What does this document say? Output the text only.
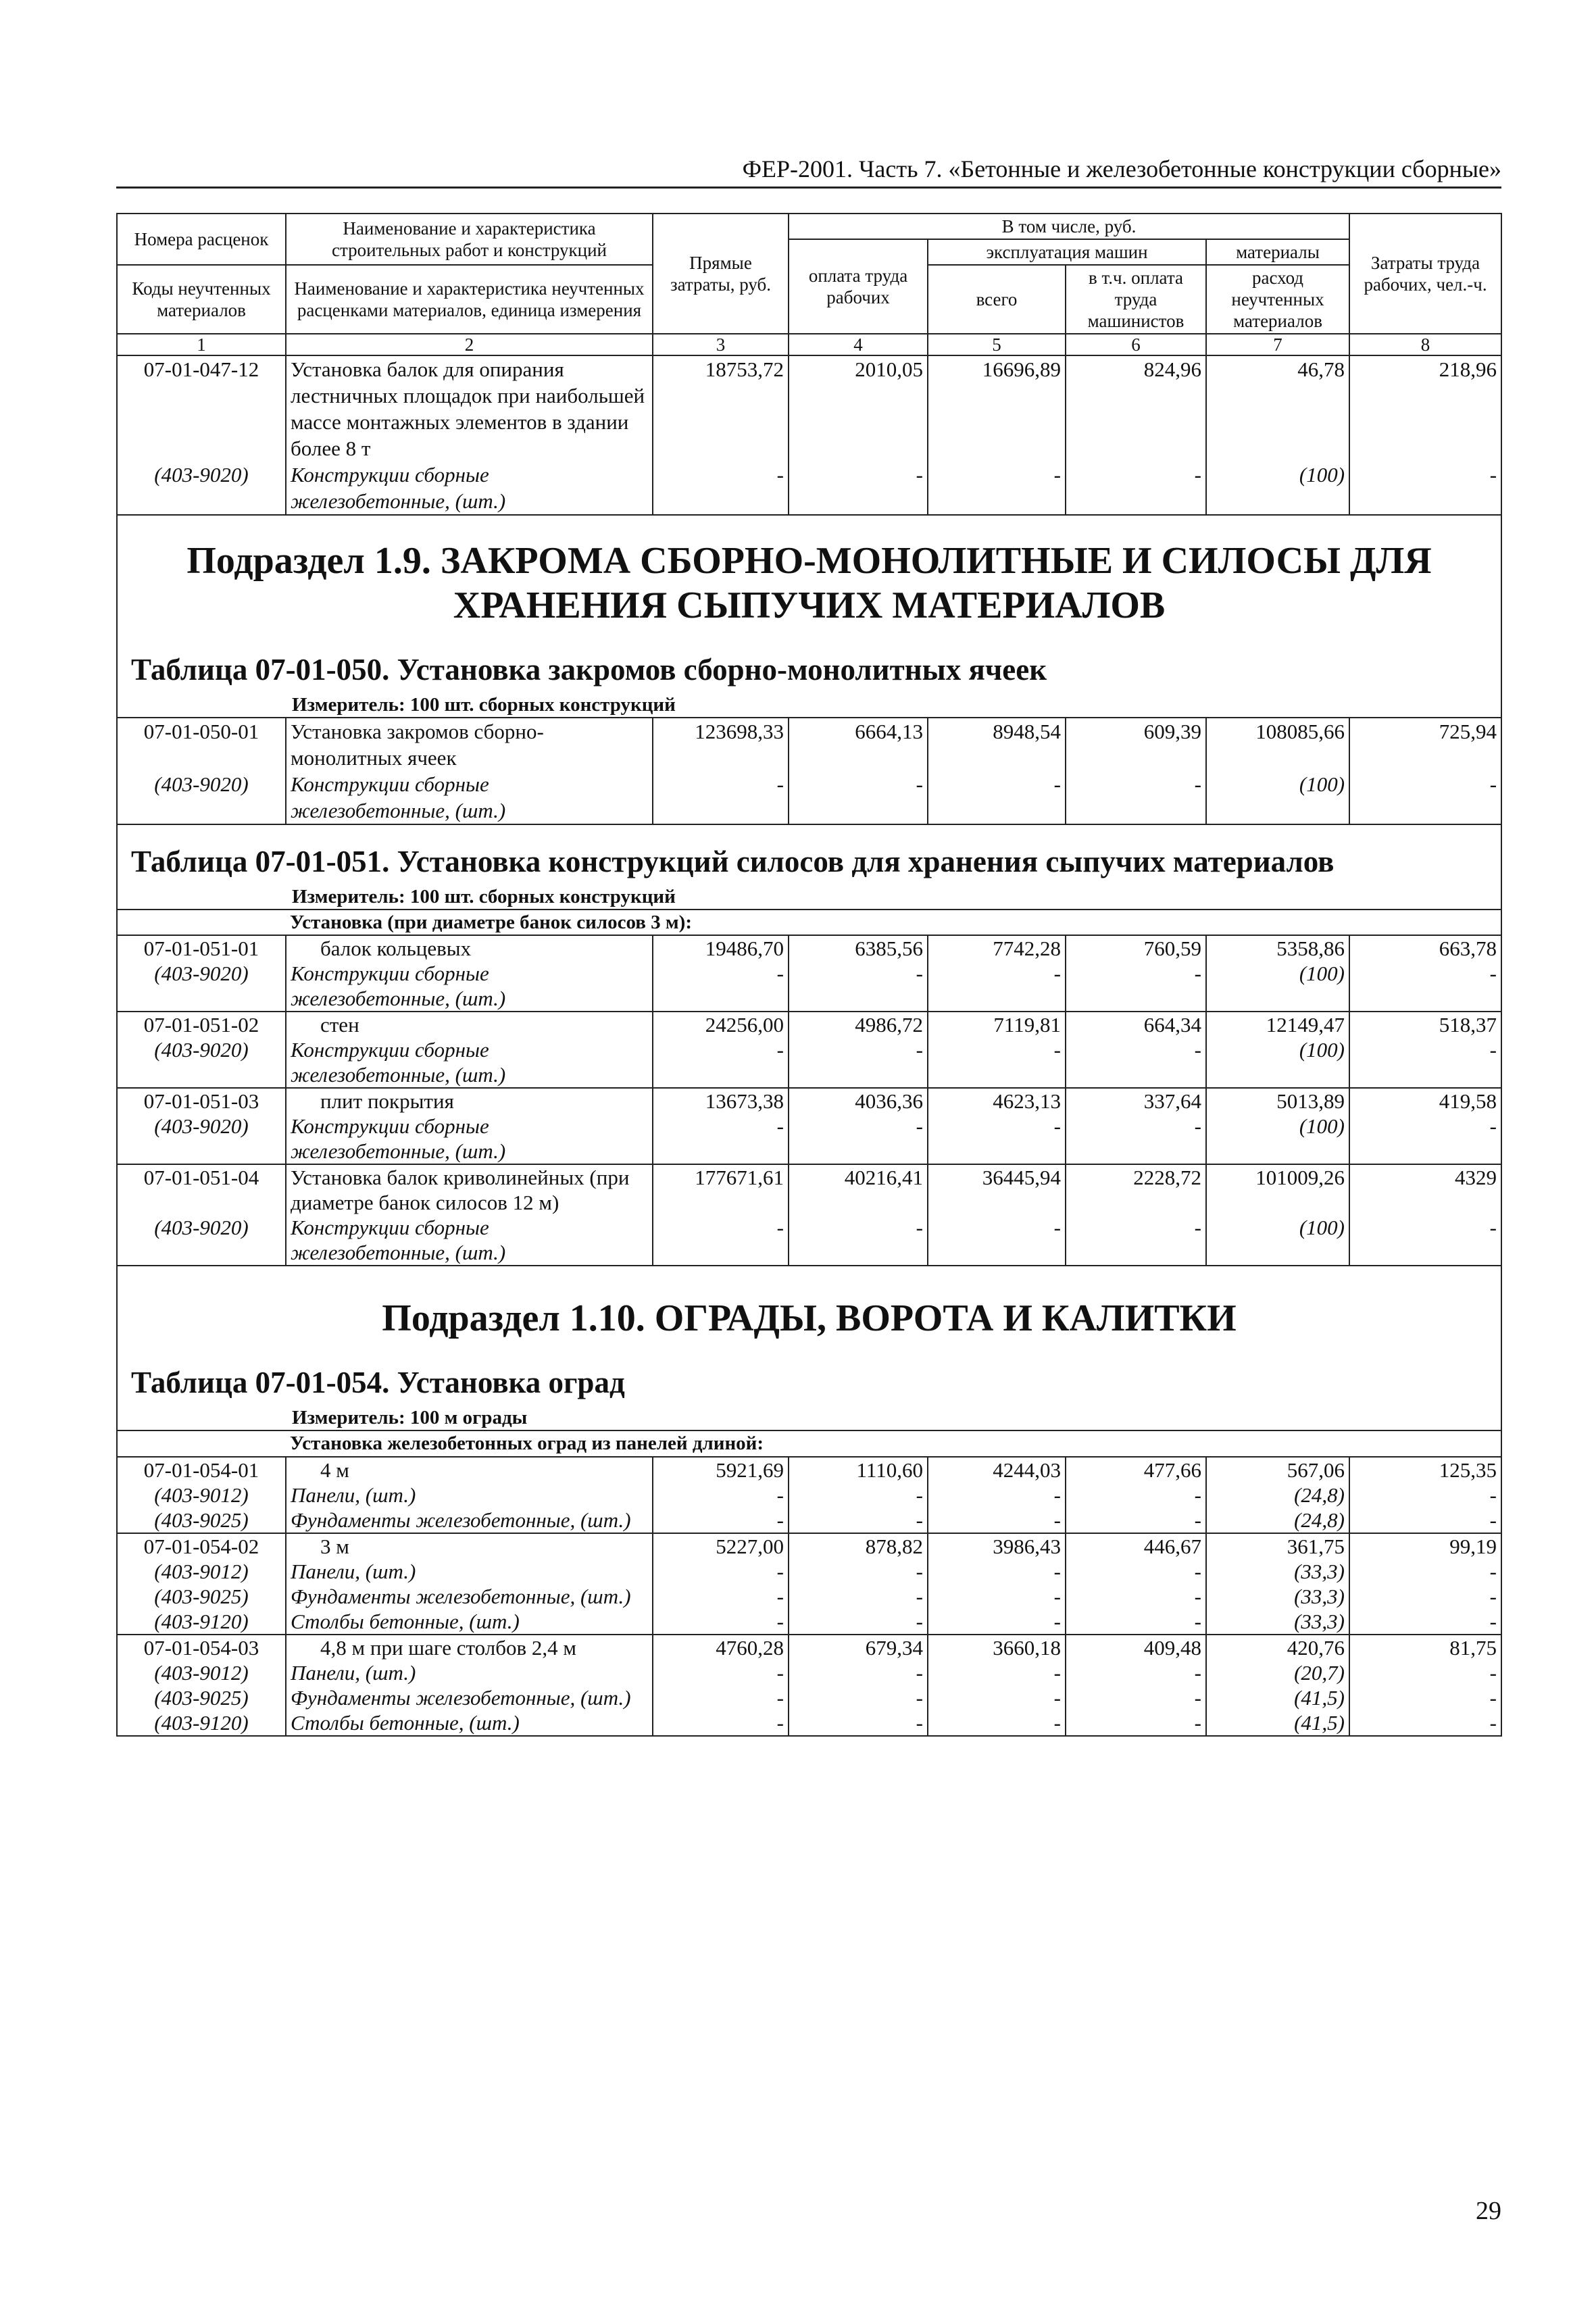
ФЕР-2001. Часть 7. «Бетонные и железобетонные конструкции сборные»
Номера расценок	Наименование и характеристика строительных работ и конструкций	Прямые затраты, руб.	В том числе, руб.				Затраты труда рабочих, чел.-ч.
			оплата труда рабочих	эксплуатация машин		материалы	
Коды неучтенных материалов	Наименование и характеристика неучтенных расценками материалов, единица измерения			всего	в т.ч. оплата труда машинистов	расход неучтенных материалов	

1	2	3	4	5	6	7	8
07-01-047-12	Установка балок для опирания лестничных площадок при наибольшей массе монтажных элементов в здании более 8 т	18753,72	2010,05	16696,89	824,96	46,78	218,96
(403-9020)	Конструкции сборные железобетонные, (шт.)	-	-	-	-	(100)	-

Подраздел 1.9. ЗАКРОМА СБОРНО-МОНОЛИТНЫЕ И СИЛОСЫ ДЛЯ ХРАНЕНИЯ СЫПУЧИХ МАТЕРИАЛОВ
Таблица 07-01-050. Установка закромов сборно-монолитных ячеек
Измеритель: 100 шт. сборных конструкций							

07-01-050-01	Установка закромов сборно-монолитных ячеек	123698,33	6664,13	8948,54	609,39	108085,66	725,94
(403-9020)	Конструкции сборные железобетонные, (шт.)	-	-	-	-	(100)	-

Таблица 07-01-051. Установка конструкций силосов для хранения сыпучих материалов
Измеритель: 100 шт. сборных конструкций							

	Установка (при диаметре банок силосов 3 м):						
07-01-051-01	балок кольцевых	19486,70	6385,56	7742,28	760,59	5358,86	663,78
(403-9020)	Конструкции сборные железобетонные, (шт.)	-	-	-	-	(100)	-
07-01-051-02	стен	24256,00	4986,72	7119,81	664,34	12149,47	518,37
(403-9020)	Конструкции сборные железобетонные, (шт.)	-	-	-	-	(100)	-
07-01-051-03	плит покрытия	13673,38	4036,36	4623,13	337,64	5013,89	419,58
(403-9020)	Конструкции сборные железобетонные, (шт.)	-	-	-	-	(100)	-
07-01-051-04	Установка балок криволинейных (при диаметре банок силосов 12 м)	177671,61	40216,41	36445,94	2228,72	101009,26	4329
(403-9020)	Конструкции сборные железобетонные, (шт.)	-	-	-	-	(100)	-

Подраздел 1.10. ОГРАДЫ, ВОРОТА И КАЛИТКИ
Таблица 07-01-054. Установка оград
Измеритель: 100 м ограды							

	Установка железобетонных оград из панелей длиной:						
07-01-054-01	4 м	5921,69	1110,60	4244,03	477,66	567,06	125,35
(403-9012)	Панели, (шт.)	-	-	-	-	(24,8)	-
(403-9025)	Фундаменты железобетонные, (шт.)	-	-	-	-	(24,8)	-
07-01-054-02	3 м	5227,00	878,82	3986,43	446,67	361,75	99,19
(403-9012)	Панели, (шт.)	-	-	-	-	(33,3)	-
(403-9025)	Фундаменты железобетонные, (шт.)	-	-	-	-	(33,3)	-
(403-9120)	Столбы бетонные, (шт.)	-	-	-	-	(33,3)	-
07-01-054-03	4,8 м при шаге столбов 2,4 м	4760,28	679,34	3660,18	409,48	420,76	81,75
(403-9012)	Панели, (шт.)	-	-	-	-	(20,7)	-
(403-9025)	Фундаменты железобетонные, (шт.)	-	-	-	-	(41,5)	-
(403-9120)	Столбы бетонные, (шт.)	-	-	-	-	(41,5)	-
29
